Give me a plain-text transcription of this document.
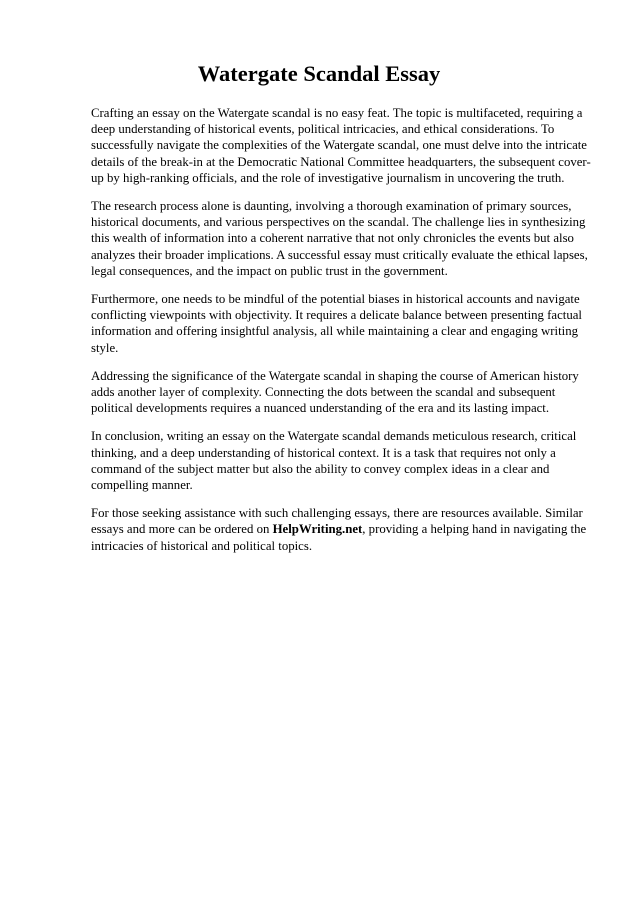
Watergate Scandal Essay

Crafting an essay on the Watergate scandal is no easy feat. The topic is multifaceted, requiring a deep understanding of historical events, political intricacies, and ethical considerations. To successfully navigate the complexities of the Watergate scandal, one must delve into the intricate details of the break-in at the Democratic National Committee headquarters, the subsequent cover-up by high-ranking officials, and the role of investigative journalism in uncovering the truth.

The research process alone is daunting, involving a thorough examination of primary sources, historical documents, and various perspectives on the scandal. The challenge lies in synthesizing this wealth of information into a coherent narrative that not only chronicles the events but also analyzes their broader implications. A successful essay must critically evaluate the ethical lapses, legal consequences, and the impact on public trust in the government.

Furthermore, one needs to be mindful of the potential biases in historical accounts and navigate conflicting viewpoints with objectivity. It requires a delicate balance between presenting factual information and offering insightful analysis, all while maintaining a clear and engaging writing style.

Addressing the significance of the Watergate scandal in shaping the course of American history adds another layer of complexity. Connecting the dots between the scandal and subsequent political developments requires a nuanced understanding of the era and its lasting impact.

In conclusion, writing an essay on the Watergate scandal demands meticulous research, critical thinking, and a deep understanding of historical context. It is a task that requires not only a command of the subject matter but also the ability to convey complex ideas in a clear and compelling manner.

For those seeking assistance with such challenging essays, there are resources available. Similar essays and more can be ordered on HelpWriting.net, providing a helping hand in navigating the intricacies of historical and political topics.
